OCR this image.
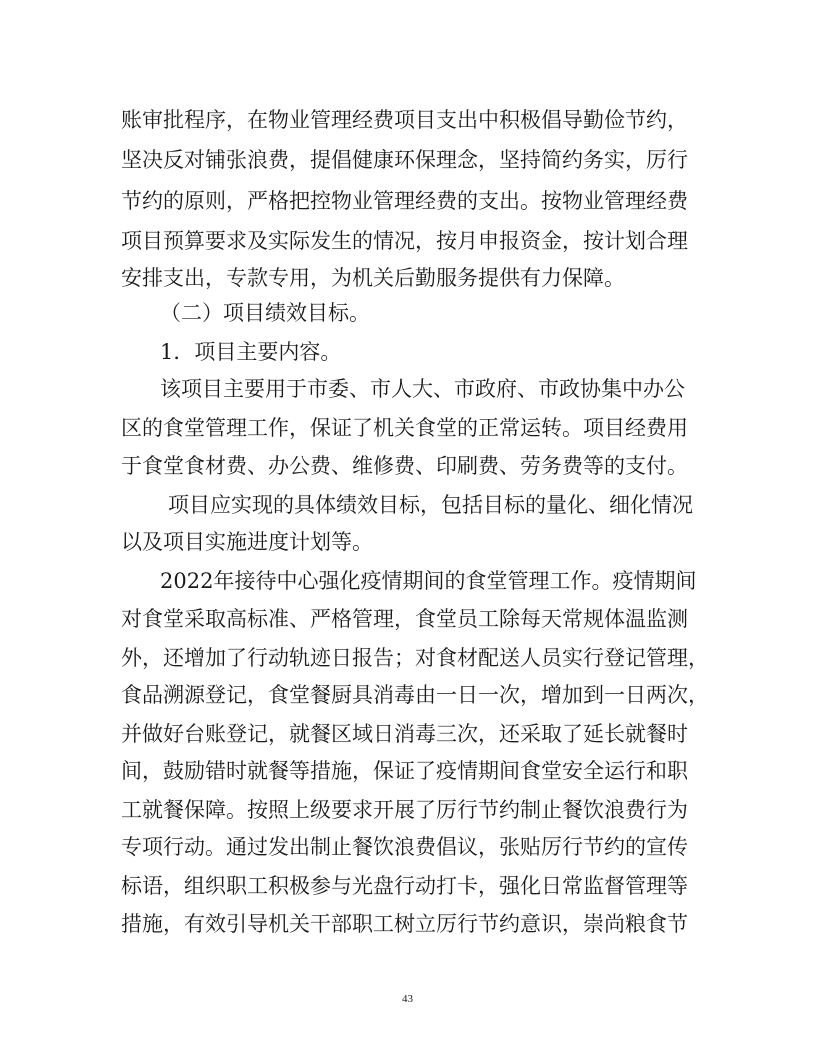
账审批程序，在物业管理经费项目支出中积极倡导勤俭节约，
坚决反对铺张浪费，提倡健康环保理念，坚持简约务实，厉行
节约的原则，严格把控物业管理经费的支出。按物业管理经费
项目预算要求及实际发生的情况，按月申报资金，按计划合理
安排支出，专款专用，为机关后勤服务提供有力保障。
（二）项目绩效目标。
1．项目主要内容。
该项目主要用于市委、市人大、市政府、市政协集中办公
区的食堂管理工作，保证了机关食堂的正常运转。项目经费用
于食堂食材费、办公费、维修费、印刷费、劳务费等的支付。
项目应实现的具体绩效目标，包括目标的量化、细化情况
以及项目实施进度计划等。
2022年接待中心强化疫情期间的食堂管理工作。疫情期间
对食堂采取高标准、严格管理，食堂员工除每天常规体温监测
外，还增加了行动轨迹日报告；对食材配送人员实行登记管理，
食品溯源登记，食堂餐厨具消毒由一日一次，增加到一日两次，
并做好台账登记，就餐区域日消毒三次，还采取了延长就餐时
间，鼓励错时就餐等措施，保证了疫情期间食堂安全运行和职
工就餐保障。按照上级要求开展了厉行节约制止餐饮浪费行为
专项行动。通过发出制止餐饮浪费倡议，张贴厉行节约的宣传
标语，组织职工积极参与光盘行动打卡，强化日常监督管理等
措施，有效引导机关干部职工树立厉行节约意识，崇尚粮食节
43
